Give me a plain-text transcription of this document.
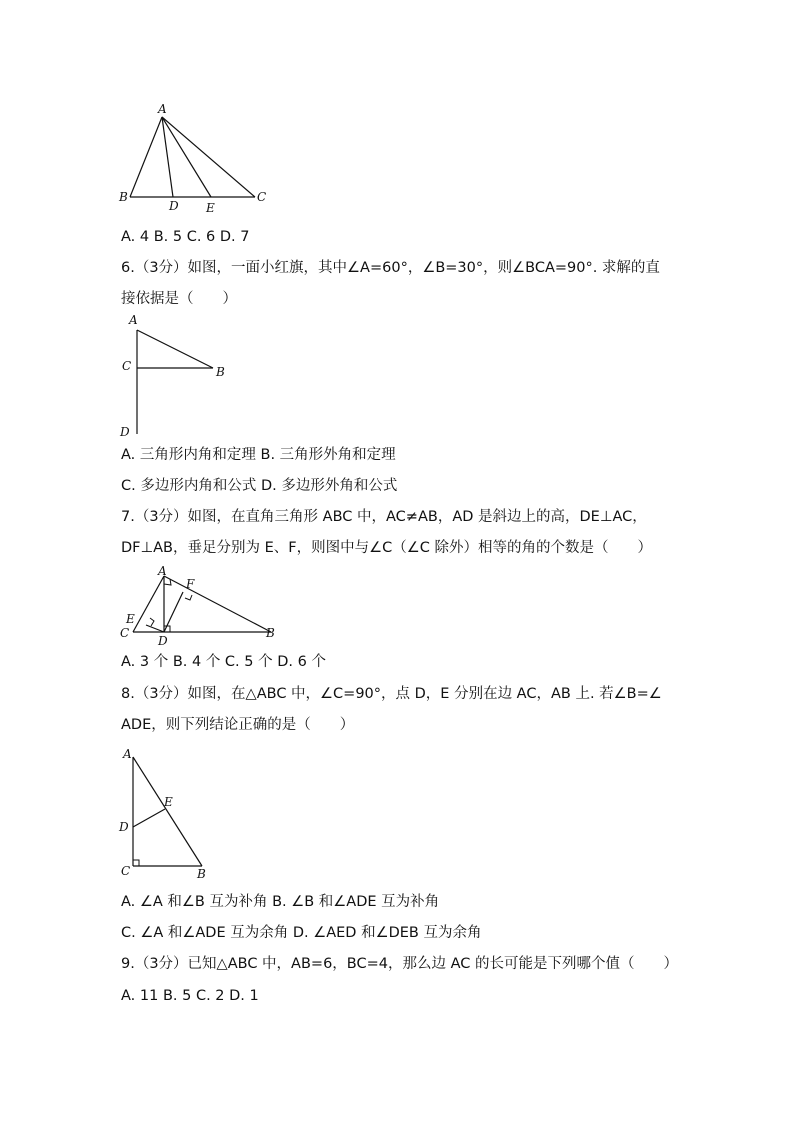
A
B	C
D E
A. 4 B. 5 C. 6 D. 7
6.（3分）如图，一面小红旗，其中∠A=60°，∠B=30°，则∠BCA=90°. 求解的直
接依据是（　　）
A
C	B
D
A. 三角形内角和定理 B. 三角形外角和定理
C. 多边形内角和公式 D. 多边形外角和公式
7.（3分）如图，在直角三角形 ABC 中，AC≠AB，AD 是斜边上的高，DE⊥AC，
DF⊥AB，垂足分别为 E、F，则图中与∠C（∠C 除外）相等的角的个数是（　　）
A
F
E
C
D
B
A. 3 个 B. 4 个 C. 5 个 D. 6 个
8.（3分）如图，在△ABC 中，∠C=90°，点 D，E 分别在边 AC，AB 上. 若∠B=∠
ADE，则下列结论正确的是（　　）
A
E
D
C	B
A. ∠A 和∠B 互为补角 B. ∠B 和∠ADE 互为补角
C. ∠A 和∠ADE 互为余角 D. ∠AED 和∠DEB 互为余角
9.（3分）已知△ABC 中，AB=6，BC=4，那么边 AC 的长可能是下列哪个值（　　）
A. 11 B. 5 C. 2 D. 1
